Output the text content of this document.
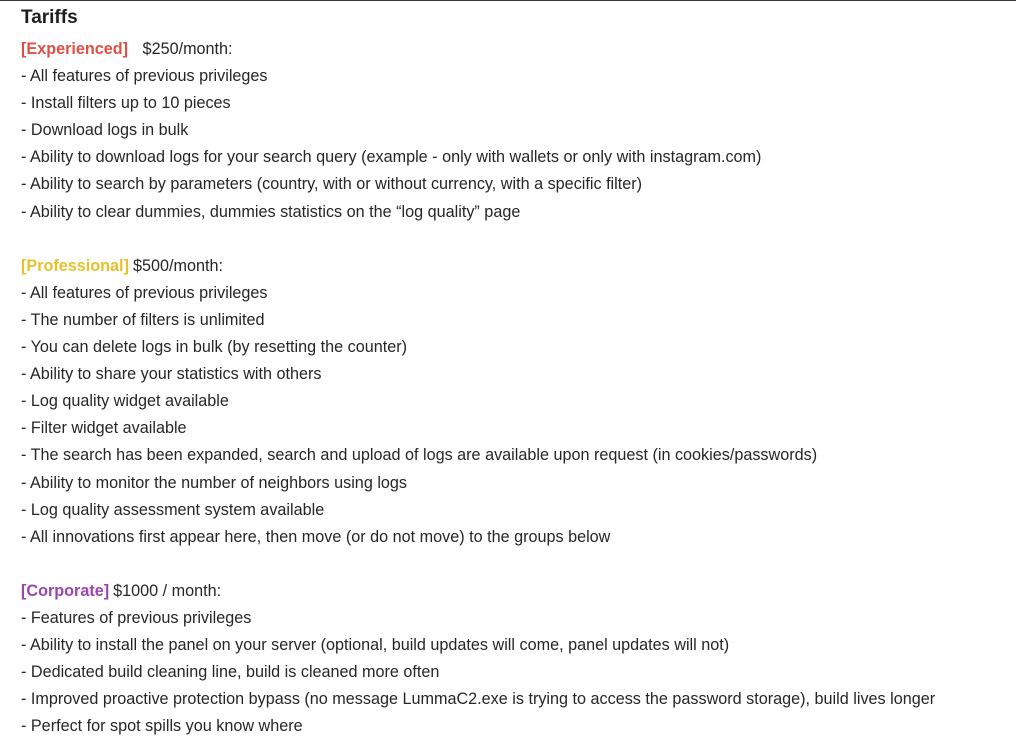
Tariffs
[Experienced] $250/month:
- All features of previous privileges
- Install filters up to 10 pieces
- Download logs in bulk
- Ability to download logs for your search query (example - only with wallets or only with instagram.com)
- Ability to search by parameters (country, with or without currency, with a specific filter)
- Ability to clear dummies, dummies statistics on the “log quality” page
[Professional] $500/month:
- All features of previous privileges
- The number of filters is unlimited
- You can delete logs in bulk (by resetting the counter)
- Ability to share your statistics with others
- Log quality widget available
- Filter widget available
- The search has been expanded, search and upload of logs are available upon request (in cookies/passwords)
- Ability to monitor the number of neighbors using logs
- Log quality assessment system available
- All innovations first appear here, then move (or do not move) to the groups below
[Corporate] $1000 / month:
- Features of previous privileges
- Ability to install the panel on your server (optional, build updates will come, panel updates will not)
- Dedicated build cleaning line, build is cleaned more often
- Improved proactive protection bypass (no message LummaC2.exe is trying to access the password storage), build lives longer
- Perfect for spot spills you know where
